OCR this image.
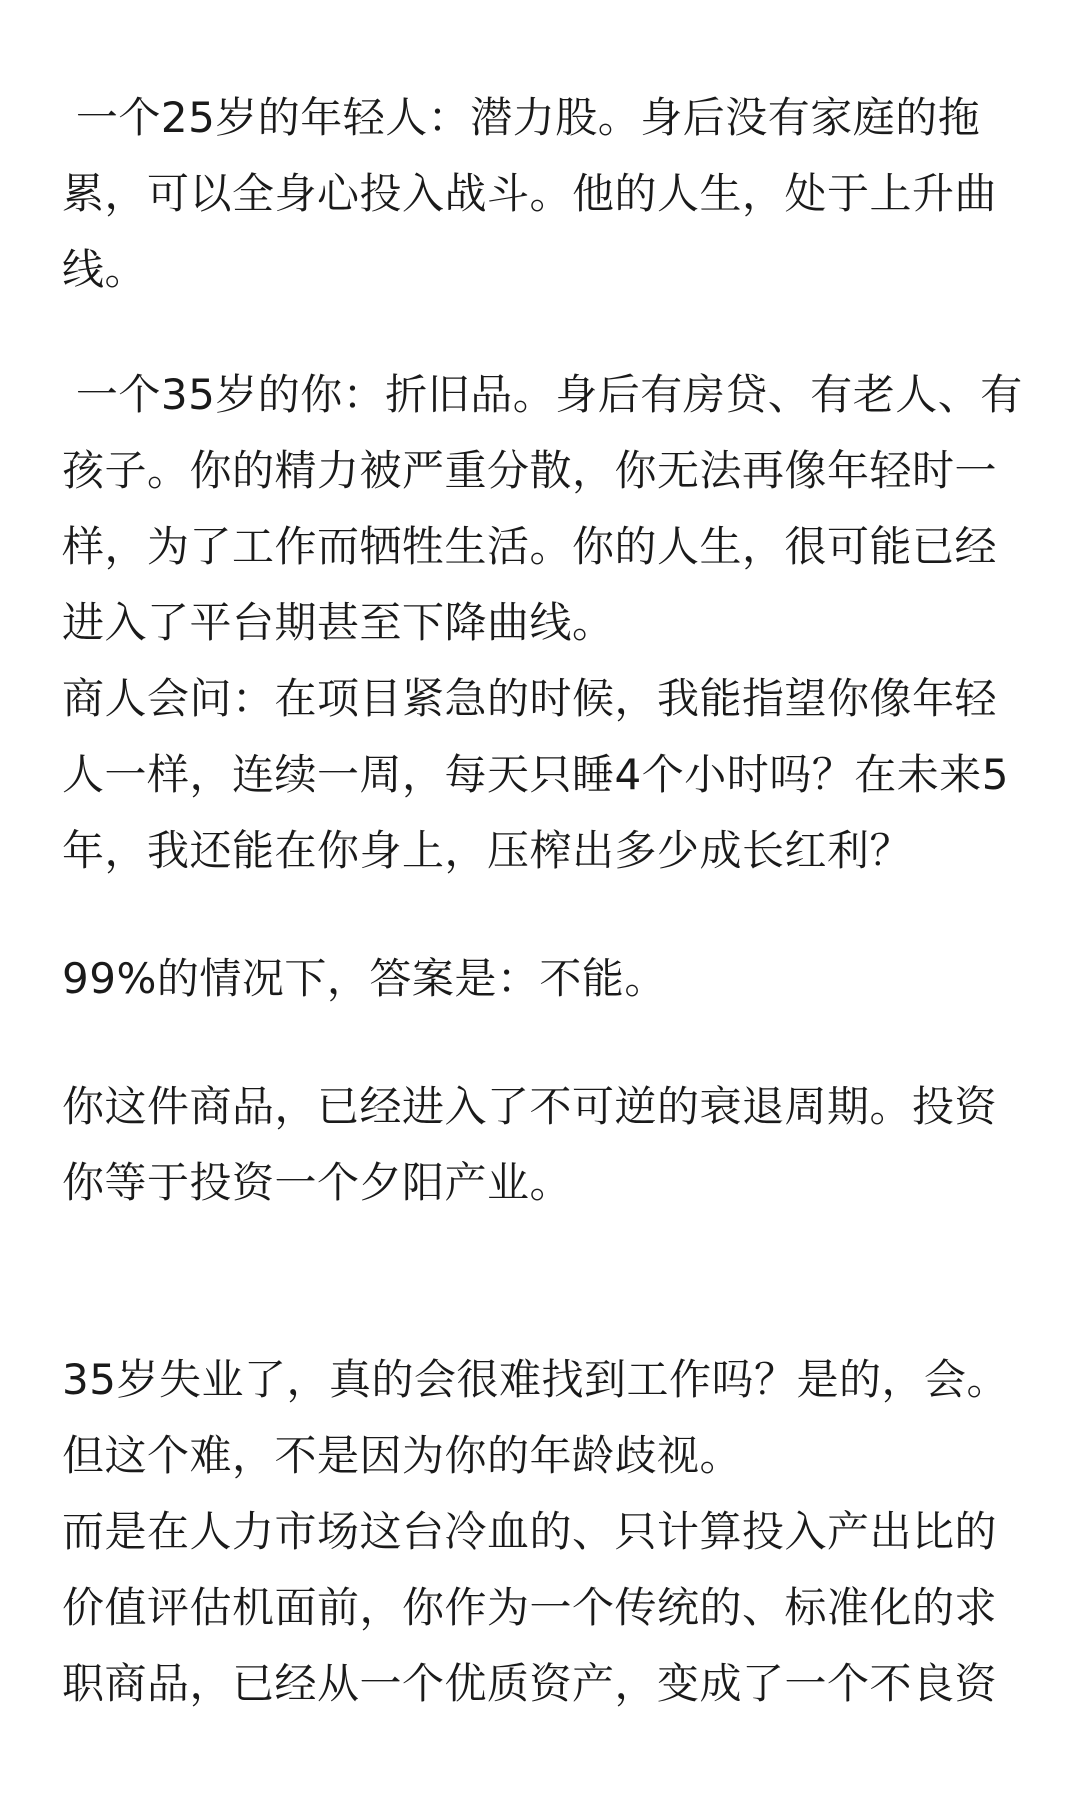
一个25岁的年轻人：潜力股。身后没有家庭的拖
累，可以全身心投入战斗。他的人生，处于上升曲
线。
一个35岁的你：折旧品。身后有房贷、有老人、有
孩子。你的精力被严重分散，你无法再像年轻时一
样，为了工作而牺牲生活。你的人生，很可能已经
进入了平台期甚至下降曲线。
商人会问：在项目紧急的时候，我能指望你像年轻
人一样，连续一周，每天只睡4个小时吗？在未来5
年，我还能在你身上，压榨出多少成长红利？
99%的情况下，答案是：不能。
你这件商品，已经进入了不可逆的衰退周期。投资
你等于投资一个夕阳产业。
35岁失业了，真的会很难找到工作吗？是的，会。
但这个难，不是因为你的年龄歧视。
而是在人力市场这台冷血的、只计算投入产出比的
价值评估机面前，你作为一个传统的、标准化的求
职商品，已经从一个优质资产，变成了一个不良资
